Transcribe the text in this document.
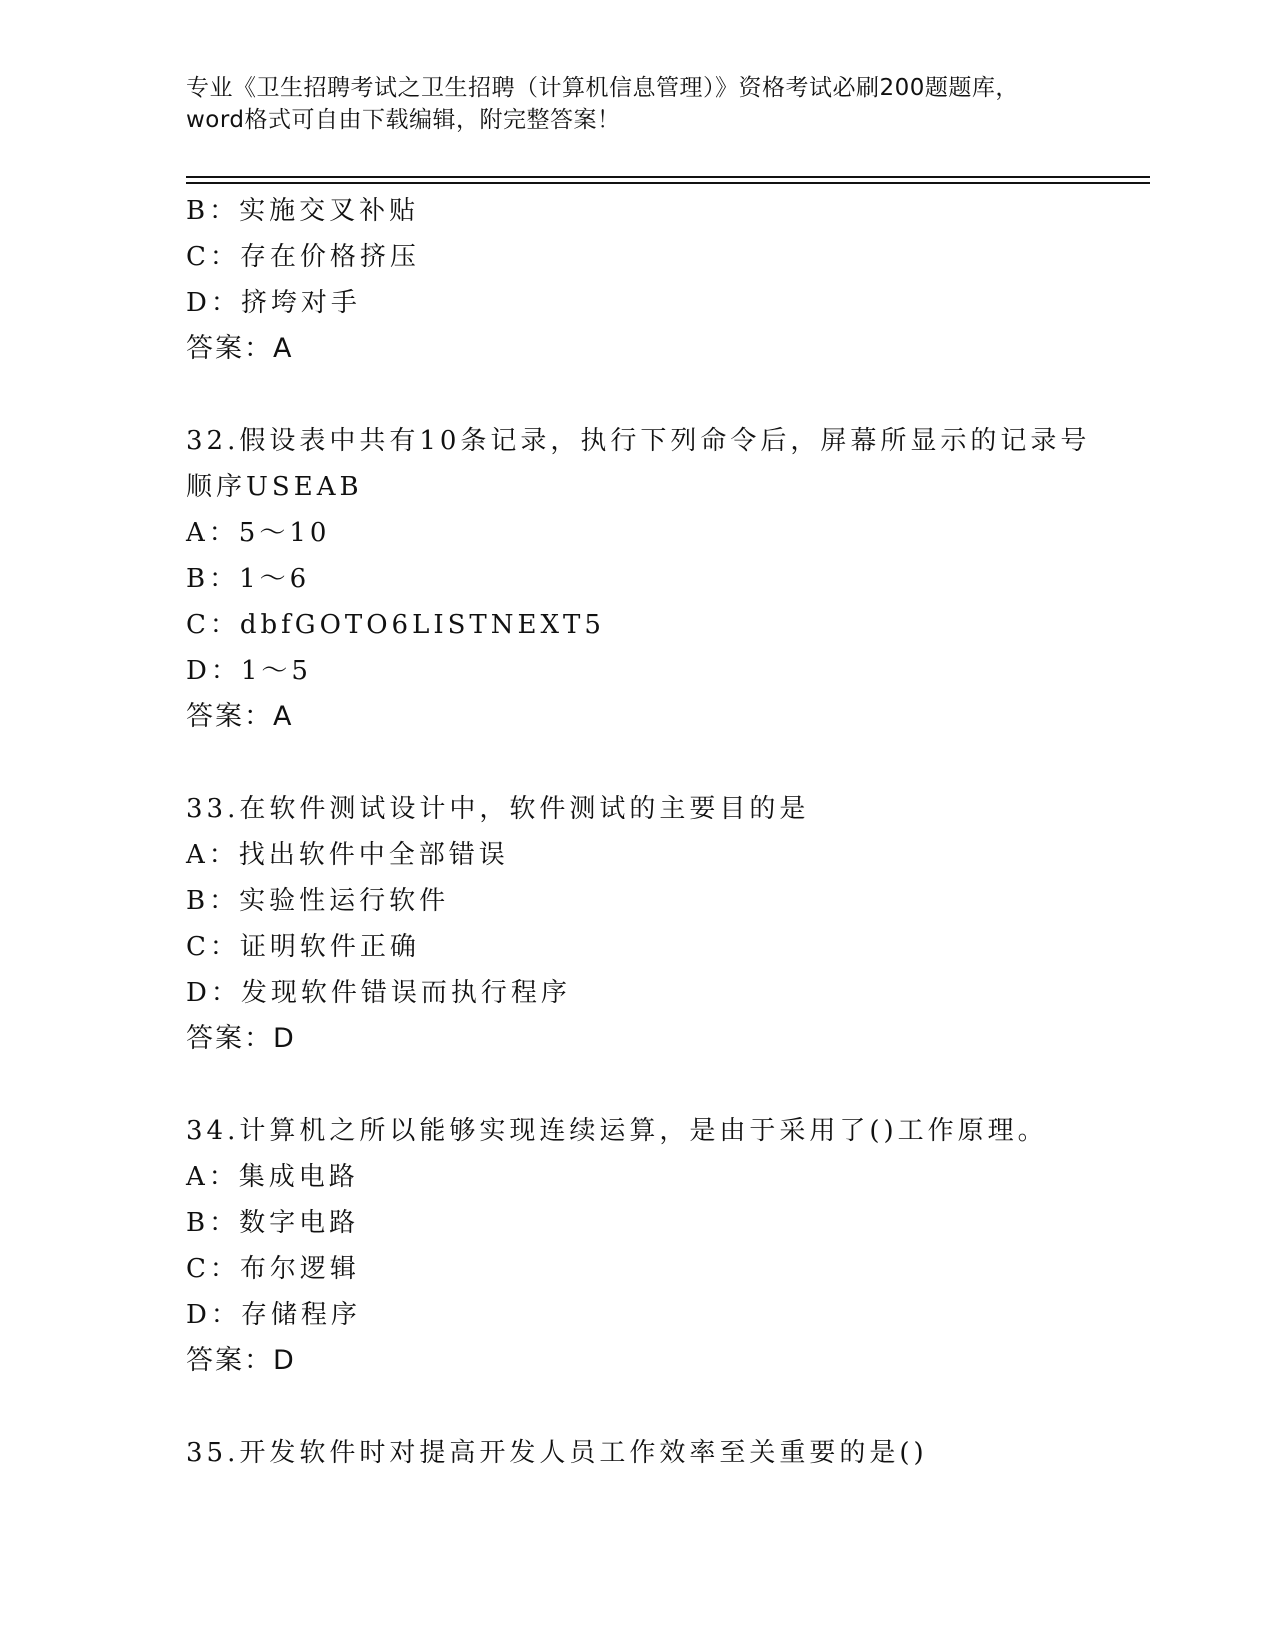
专业《卫生招聘考试之卫生招聘（计算机信息管理）》资格考试必刷200题题库，
word格式可自由下载编辑，附完整答案！
B：实施交叉补贴
C：存在价格挤压
D：挤垮对手
答案：A
32.假设表中共有10条记录，执行下列命令后，屏幕所显示的记录号
顺序USEAB
A：5～10
B：1～6
C：dbfGOTO6LISTNEXT5
D：1～5
答案：A
33.在软件测试设计中，软件测试的主要目的是
A：找出软件中全部错误
B：实验性运行软件
C：证明软件正确
D：发现软件错误而执行程序
答案：D
34.计算机之所以能够实现连续运算，是由于采用了()工作原理。
A：集成电路
B：数字电路
C：布尔逻辑
D：存储程序
答案：D
35.开发软件时对提高开发人员工作效率至关重要的是()
